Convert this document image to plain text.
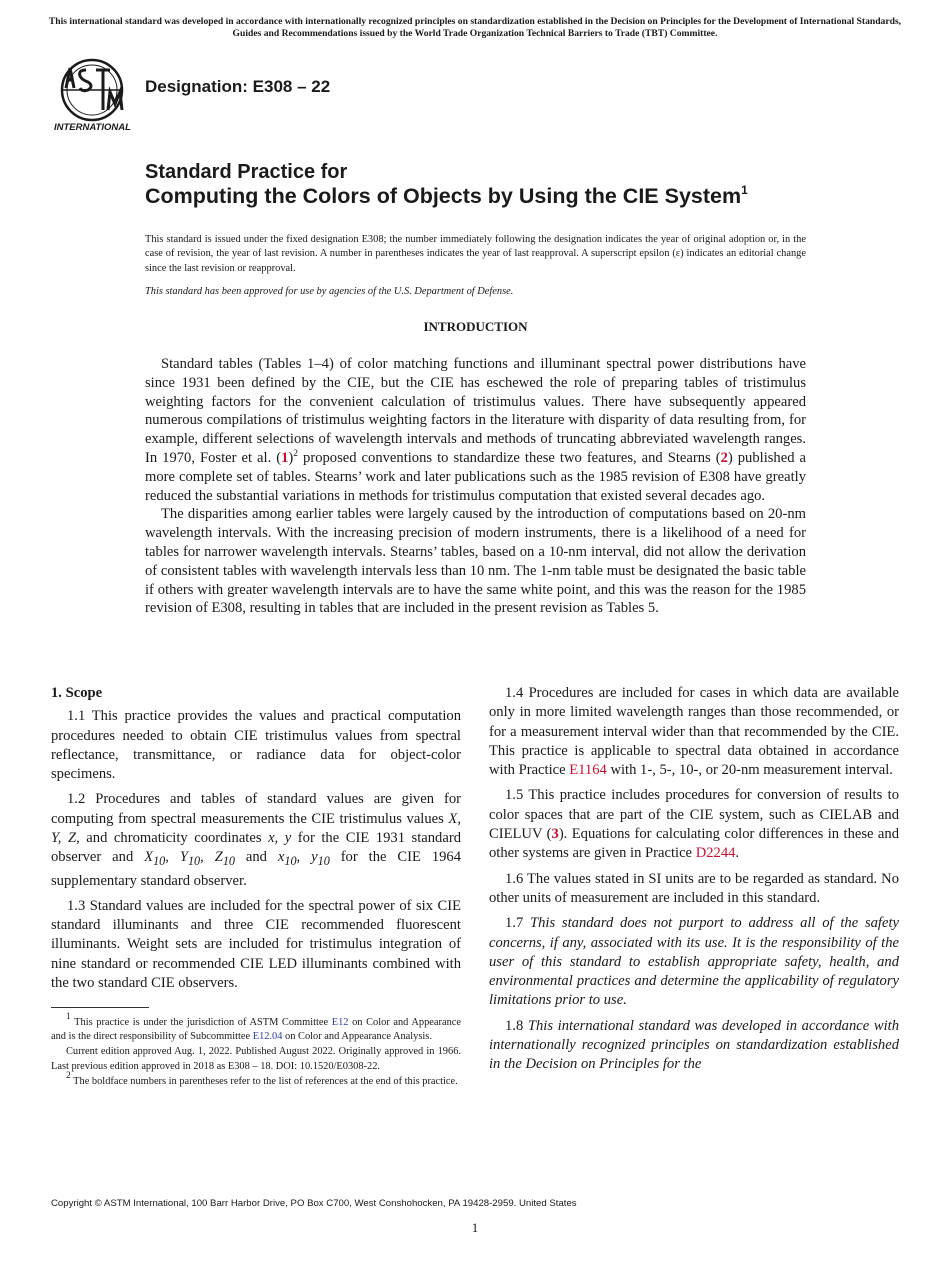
This international standard was developed in accordance with internationally recognized principles on standardization established in the Decision on Principles for the Development of International Standards, Guides and Recommendations issued by the World Trade Organization Technical Barriers to Trade (TBT) Committee.
INTERNATIONAL
Designation: E308 – 22
Standard Practice for
Computing the Colors of Objects by Using the CIE System$^1$
This standard is issued under the fixed designation E308; the number immediately following the designation indicates the year of original adoption or, in the case of revision, the year of last revision. A number in parentheses indicates the year of last reapproval. A superscript epsilon (ε) indicates an editorial change since the last revision or reapproval.
This standard has been approved for use by agencies of the U.S. Department of Defense.
INTRODUCTION

Standard tables (Tables 1–4) of color matching functions and illuminant spectral power distributions have since 1931 been defined by the CIE, but the CIE has eschewed the role of preparing tables of tristimulus weighting factors for the convenient calculation of tristimulus values. There have subsequently appeared numerous compilations of tristimulus weighting factors in the literature with disparity of data resulting from, for example, different selections of wavelength intervals and methods of truncating abbreviated wavelength ranges. In 1970, Foster et al. $(1)^2$ proposed conventions to standardize these two features, and Stearns (2) published a more complete set of tables. Stearns’ work and later publications such as the 1985 revision of E308 have greatly reduced the substantial variations in methods for tristimulus computation that existed several decades ago.

The disparities among earlier tables were largely caused by the introduction of computations based on 20-nm wavelength intervals. With the increasing precision of modern instruments, there is a likelihood of a need for tables for narrower wavelength intervals. Stearns’ tables, based on a 10-nm interval, did not allow the derivation of consistent tables with wavelength intervals less than 10 nm. The 1-nm table must be designated the basic table if others with greater wavelength intervals are to have the same white point, and this was the reason for the 1985 revision of E308, resulting in tables that are included in the present revision as Tables 5.

1. Scope

1.1 This practice provides the values and practical computation procedures needed to obtain CIE tristimulus values from spectral reflectance, transmittance, or radiance data for object-color specimens.

1.2 Procedures and tables of standard values are given for computing from spectral measurements the CIE tristimulus values X, Y, Z, and chromaticity coordinates x, y for the CIE 1931 standard observer and $X_{10}$, $Y_{10}$, $Z_{10}$ and $x_{10}$, $y_{10}$ for the CIE 1964 supplementary standard observer.

1.3 Standard values are included for the spectral power of six CIE standard illuminants and three CIE recommended fluorescent illuminants. Weight sets are included for tristimulus integration of nine standard or recommended CIE LED illuminants combined with the two standard CIE observers.

$^1$ This practice is under the jurisdiction of ASTM Committee E12 on Color and Appearance and is the direct responsibility of Subcommittee E12.04 on Color and Appearance Analysis.

Current edition approved Aug. 1, 2022. Published August 2022. Originally approved in 1966. Last previous edition approved in 2018 as E308 – 18. DOI: 10.1520/E0308-22.

$^2$ The boldface numbers in parentheses refer to the list of references at the end of this practice.

1.4 Procedures are included for cases in which data are available only in more limited wavelength ranges than those recommended, or for a measurement interval wider than that recommended by the CIE. This practice is applicable to spectral data obtained in accordance with Practice E1164 with 1-, 5-, 10-, or 20-nm measurement interval.

1.5 This practice includes procedures for conversion of results to color spaces that are part of the CIE system, such as CIELAB and CIELUV (3). Equations for calculating color differences in these and other systems are given in Practice D2244.

1.6 The values stated in SI units are to be regarded as standard. No other units of measurement are included in this standard.

1.7 This standard does not purport to address all of the safety concerns, if any, associated with its use. It is the responsibility of the user of this standard to establish appropriate safety, health, and environmental practices and determine the applicability of regulatory limitations prior to use.

1.8 This international standard was developed in accordance with internationally recognized principles on standardization established in the Decision on Principles for the

Copyright © ASTM International, 100 Barr Harbor Drive, PO Box C700, West Conshohocken, PA 19428-2959. United States
1
